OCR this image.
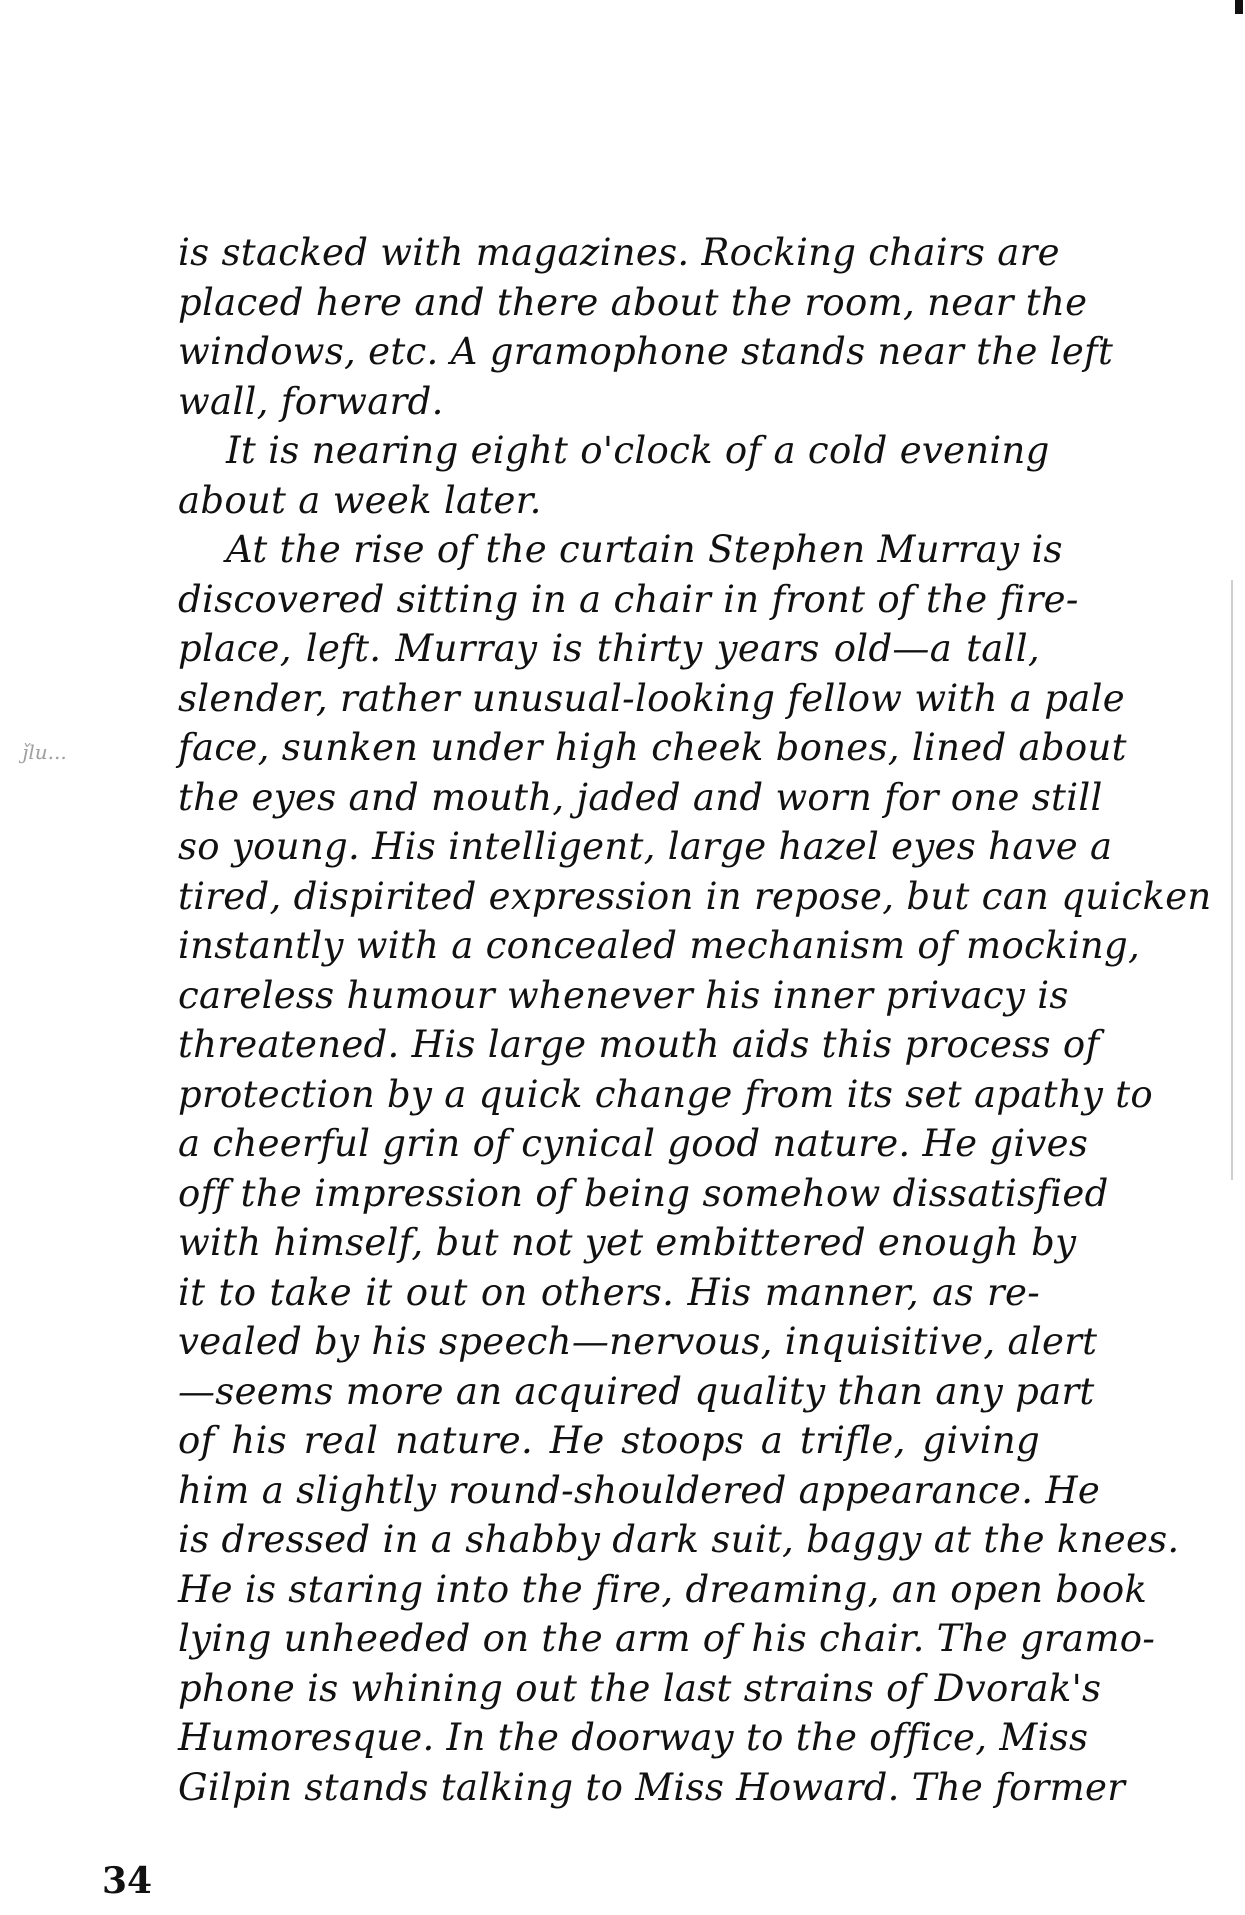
ǰlu...
is stacked with magazines. Rocking chairs are
placed here and there about the room, near the
windows, etc. A gramophone stands near the left
wall, forward.
It is nearing eight o'clock of a cold evening
about a week later.
At the rise of the curtain Stephen Murray is
discovered sitting in a chair in front of the fire-
place, left. Murray is thirty years old—a tall,
slender, rather unusual-looking fellow with a pale
face, sunken under high cheek bones, lined about
the eyes and mouth, jaded and worn for one still
so young. His intelligent, large hazel eyes have a
tired, dispirited expression in repose, but can quicken
instantly with a concealed mechanism of mocking,
careless humour whenever his inner privacy is
threatened. His large mouth aids this process of
protection by a quick change from its set apathy to
a cheerful grin of cynical good nature. He gives
off the impression of being somehow dissatisfied
with himself, but not yet embittered enough by
it to take it out on others. His manner, as re-
vealed by his speech—nervous, inquisitive, alert
—seems more an acquired quality than any part
of his real nature. He stoops a trifle, giving
him a slightly round-shouldered appearance. He
is dressed in a shabby dark suit, baggy at the knees.
He is staring into the fire, dreaming, an open book
lying unheeded on the arm of his chair. The gramo-
phone is whining out the last strains of Dvorak's
Humoresque. In the doorway to the office, Miss
Gilpin stands talking to Miss Howard. The former
34
